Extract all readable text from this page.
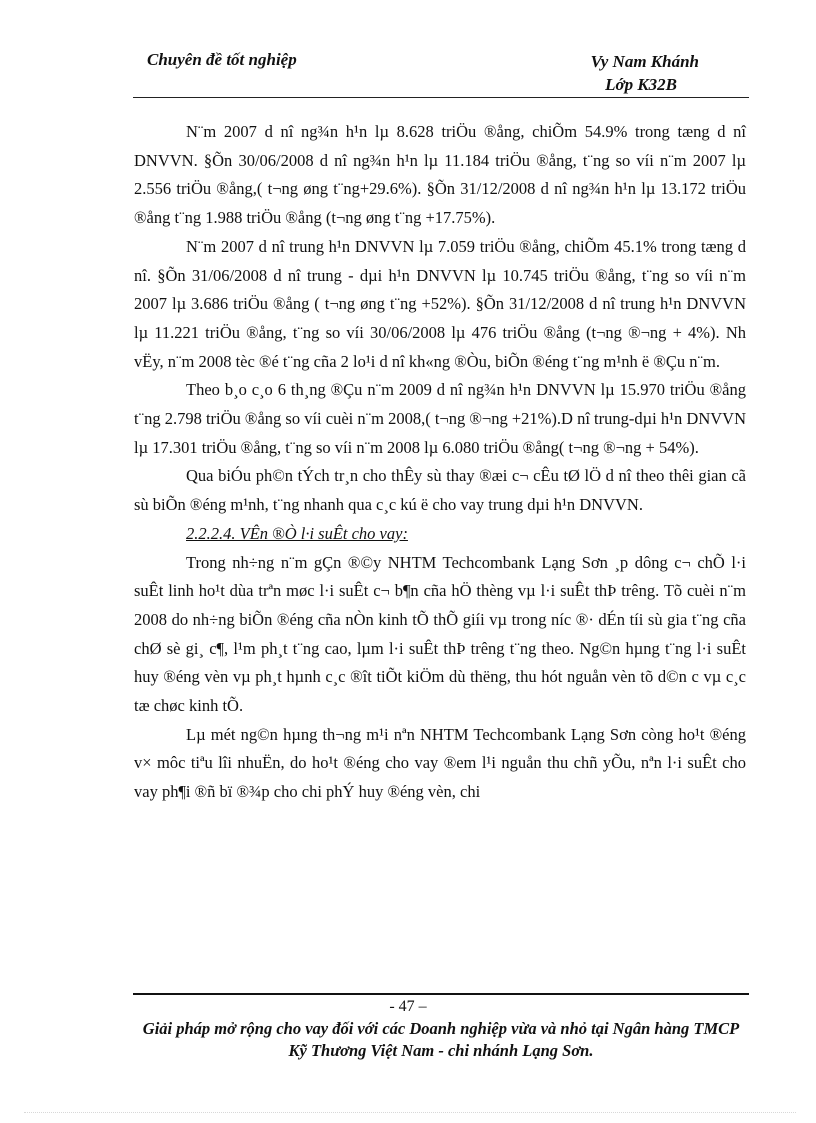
Chuyên đề tốt nghiệp	Vy Nam Khánh
Lớp K32B

N¨m 2007 d nî ng¾n h¹n lµ 8.628 triÖu ®ång, chiÕm 54.9% trong tæng d nî DNVVN. §Õn 30/06/2008 d nî ng¾n h¹n lµ 11.184 triÖu ®ång, t¨ng so víi n¨m 2007 lµ 2.556 triÖu ®ång,( t¬ng øng t¨ng+29.6%). §Õn 31/12/2008 d nî ng¾n h¹n lµ 13.172 triÖu ®ång t¨ng 1.988 triÖu ®ång (t¬ng øng t¨ng +17.75%).

N¨m 2007 d nî trung h¹n DNVVN lµ 7.059 triÖu ®ång, chiÕm 45.1% trong tæng d nî. §Õn 31/06/2008 d nî trung - dµi h¹n DNVVN lµ 10.745 triÖu ®ång, t¨ng so víi n¨m 2007 lµ 3.686 triÖu ®ång ( t¬ng øng t¨ng +52%). §Õn 31/12/2008 d nî trung h¹n DNVVN lµ 11.221 triÖu ®ång, t¨ng so víi 30/06/2008 lµ 476 triÖu ®ång (t¬ng ®¬ng + 4%). Nh vËy, n¨m 2008 tèc ®é t¨ng cña 2 lo¹i d nî kh«ng ®Òu, biÕn ®éng t¨ng m¹nh ë ®Çu n¨m.

Theo b¸o c¸o 6 th¸ng ®Çu n¨m 2009 d nî ng¾n h¹n DNVVN lµ 15.970 triÖu ®ång t¨ng 2.798 triÖu ®ång so víi cuèi n¨m 2008,( t¬ng ®¬ng +21%).D nî trung-dµi h¹n DNVVN lµ 17.301 triÖu ®ång, t¨ng so víi n¨m 2008 lµ 6.080 triÖu ®ång( t¬ng ®¬ng + 54%).

Qua biÓu ph©n tÝch tr¸n cho thÊy sù thay ®æi c¬ cÊu tØ lÖ d nî theo thêi gian cã sù biÕn ®éng m¹nh, t¨ng nhanh qua c¸c kú ë cho vay trung dµi h¹n DNVVN.

2.2.2.4. VÊn ®Ò l·i suÊt cho vay:

Trong nh÷ng n¨m gÇn ®©y NHTM Techcombank Lạng Sơn ¸p dông c¬ chÕ l·i suÊt linh ho¹t dùa trªn møc l·i suÊt c¬ b¶n cña hÖ thèng vµ l·i suÊt thÞ trêng. Tõ cuèi n¨m 2008 do nh÷ng biÕn ®éng cña nÒn kinh tÕ thÕ giíi vµ trong níc ®· dÉn tíi sù gia t¨ng cña chØ sè gi¸ c¶, l¹m ph¸t t¨ng cao, lµm l·i suÊt thÞ trêng t¨ng theo. Ng©n hµng t¨ng l·i suÊt huy ®éng vèn vµ ph¸t hµnh c¸c ®ît tiÕt kiÖm dù thëng, thu hót nguån vèn tõ d©n c vµ c¸c tæ chøc kinh tÕ.

Lµ mét ng©n hµng th¬ng m¹i nªn NHTM Techcombank Lạng Sơn còng ho¹t ®éng v× môc tiªu lîi nhuËn, do ho¹t ®éng cho vay ®em l¹i nguån thu chñ yÕu, nªn l·i suÊt cho vay ph¶i ®ñ bï ®¾p cho chi phÝ huy ®éng vèn, chi

- 47 –
Giải pháp mở rộng cho vay đối với các Doanh nghiệp vừa và nhỏ tại Ngân hàng TMCP Kỹ Thương Việt Nam - chi nhánh Lạng Sơn.
